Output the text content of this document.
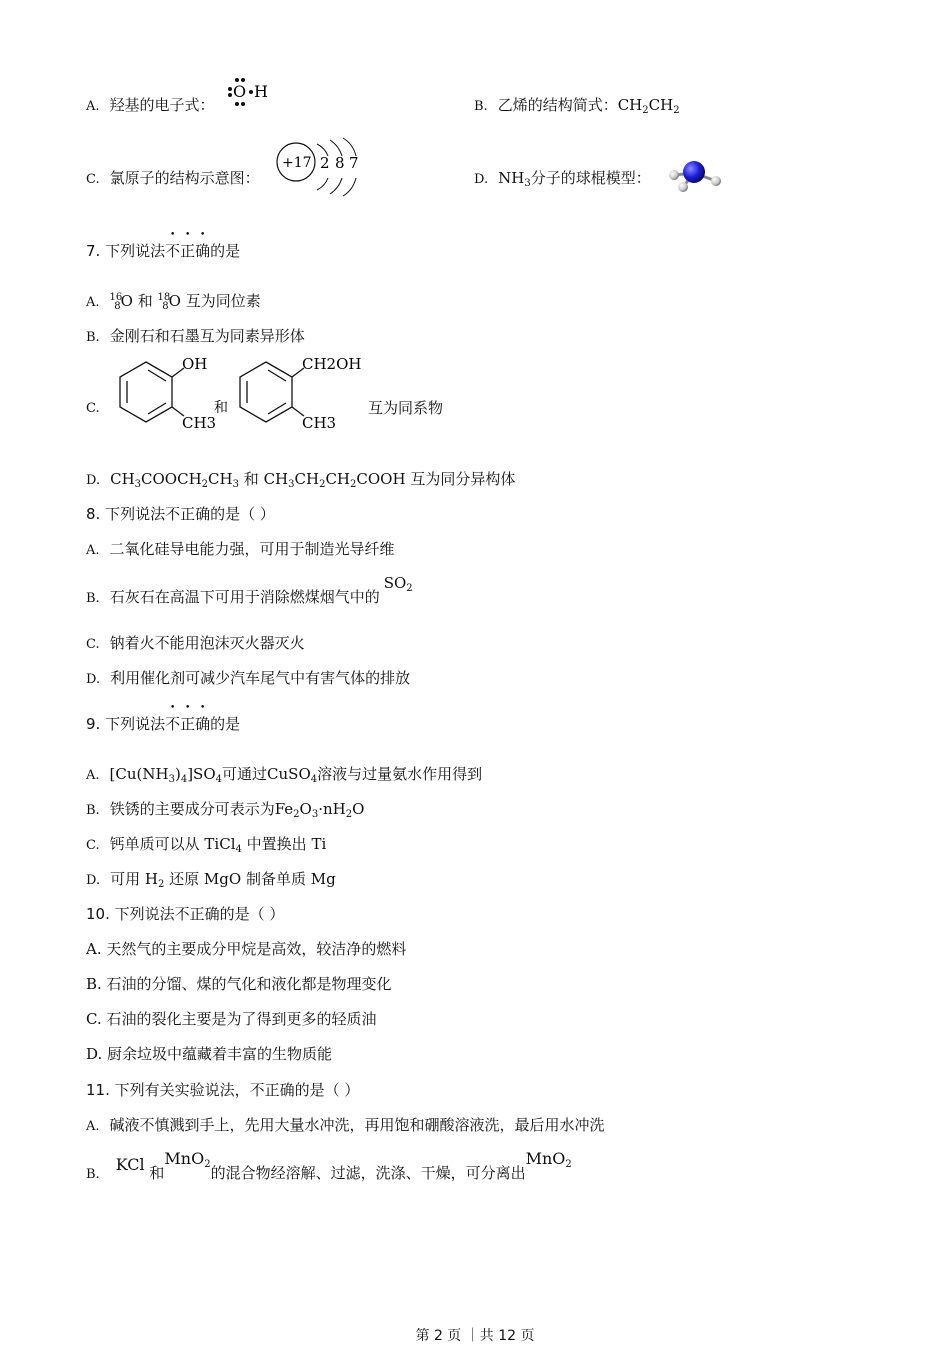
A. 羟基的电子式：
O H
B. 乙烯的结构简式：$CH_2CH_2$
C. 氯原子的结构示意图：
+17 2 8 7
D. $NH_3$分子的球棍模型：
7. 下列说法不正确的是
A. $^{16}_8$O 和 $^{18}_8$O 互为同位素
B. 金刚石和石墨互为同素异形体
C.
OH
CH3
和
CH2OH
CH3
互为同系物
D. $CH_3COOCH_2CH_3$ 和 $CH_3CH_2CH_2COOH$ 互为同分异构体
8. 下列说法不正确的是（ ）
A. 二氧化硅导电能力强，可用于制造光导纤维
B. 石灰石在高温下可用于消除燃煤烟气中的$SO_2$
C. 钠着火不能用泡沫灭火器灭火
D. 利用催化剂可减少汽车尾气中有害气体的排放
9. 下列说法不正确的是
A. $[Cu(NH_3)_4]SO_4$可通过CuSO$_4$溶液与过量氨水作用得到
B. 铁锈的主要成分可表示为$Fe_2O_3\cdot nH_2O$
C. 钙单质可以从 TiCl$_4$ 中置换出 Ti
D. 可用 $H_2$ 还原 MgO 制备单质 Mg
10. 下列说法不正确的是（ ）
A. 天然气的主要成分甲烷是高效，较洁净的燃料
B. 石油的分馏、煤的气化和液化都是物理变化
C. 石油的裂化主要是为了得到更多的轻质油
D. 厨余垃圾中蕴藏着丰富的生物质能
11. 下列有关实验说法，不正确的是（ ）
A. 碱液不慎溅到手上，先用大量水冲洗，再用饱和硼酸溶液洗，最后用水冲洗
B.KCl 和MnO$_2$的混合物经溶解、过滤，洗涤、干燥，可分离出MnO$_2$
第 2 页 ｜共 12 页
